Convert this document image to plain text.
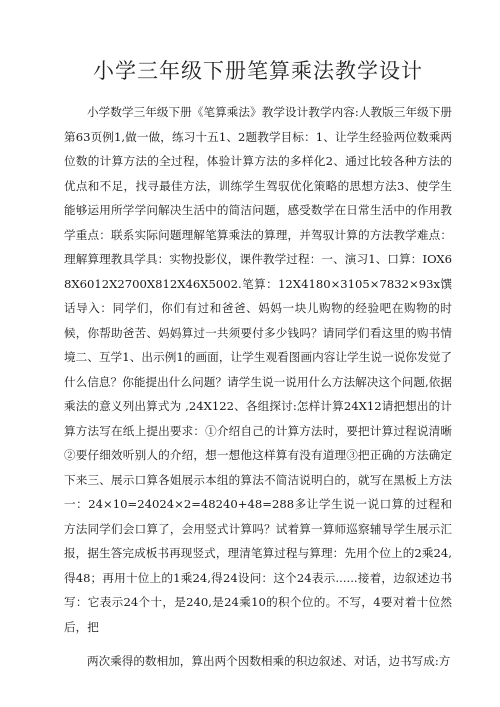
小学三年级下册笔算乘法教学设计

小学数学三年级下册《笔算乘法》教学设计教学内容:人教版三年级下册第63页例1,做一做，练习十五1、2题教学目标：1、让学生经验两位数乘两位数的计算方法的全过程，体验计算方法的多样化2、通过比较各种方法的优点和不足，找寻最佳方法，训练学生驾驭优化策略的思想方法3、使学生能够运用所学学问解决生活中的简洁问题，感受数学在日常生活中的作用教学重点：联系实际问题理解笔算乘法的算理，并驾驭计算的方法教学难点：理解算理教具学具：实物投影仪，课件教学过程：一、演习1、口算：IOX68X6012X2700X812X46X5002.笔算：12X4180×3105×7832×93x馔话导入：同学们，你们有过和爸爸、妈妈一块儿购物的经验吧在购物的时候，你帮助爸苦、妈妈算过一共须要付多少钱吗？请同学们看这里的购书情境二、互学1、出示例1的画面，让学生观看图画内容让学生说一说你发觉了什么信息？你能提出什么问题？请学生说一说用什么方法解决这个问题,依据乘法的意义列出算式为 ,24X122、各组探讨:怎样计算24X12请把想出的计算方法写在纸上提出要求：①介绍自己的计算方法时，要把计算过程说清晰②要仔细效听别人的介绍，想一想他这样算有没有道理③把正确的方法确定下来三、展示口算各姐展示本组的算法不简洁说明白的，就写在黑板上方法一：24×10=24024×2=48240+48=288多让学生说一说口算的过程和方法同学们会口算了，会用竖式计算吗？试着算一算师巡察辅导学生展示汇报，据生答完成板书再现竖式，理清笔算过程与算理：先用个位上的2乘24,得48；再用十位上的1乘24,得24设问：这个24表示......接着，边叙述边书写：它表示24个十，是240,是24乘10的积个位的。不写，4要对着十位然后，把

两次乘得的数相加，算出两个因数相乘的积边叙述、对话，边书写成:方
